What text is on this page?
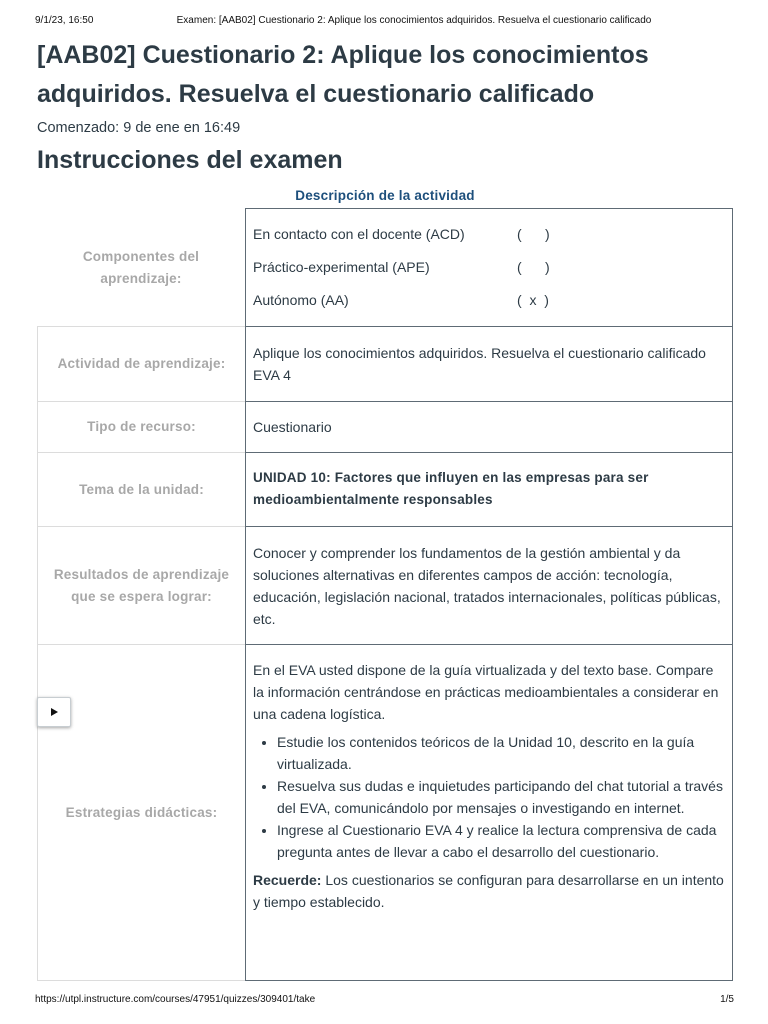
9/1/23, 16:50	Examen: [AAB02] Cuestionario 2: Aplique los conocimientos adquiridos. Resuelva el cuestionario calificado
[AAB02] Cuestionario 2: Aplique los conocimientos adquiridos. Resuelva el cuestionario calificado
Comenzado: 9 de ene en 16:49
Instrucciones del examen
Descripción de la actividad
Componentes del aprendizaje:
En contacto con el docente (ACD)	(      )
Práctico-experimental (APE)	(      )
Autónomo (AA)	(  x  )
Actividad de aprendizaje:

Aplique los conocimientos adquiridos. Resuelva el cuestionario calificado EVA 4

Tipo de recurso:	Cuestionario

Tema de la unidad:

UNIDAD 10: Factores que influyen en las empresas para ser medioambientalmente responsables

Resultados de aprendizaje que se espera lograr:

Conocer y comprender los fundamentos de la gestión ambiental y da soluciones alternativas en diferentes campos de acción: tecnología, educación, legislación nacional, tratados internacionales, políticas públicas, etc.

Estrategias didácticas:

En el EVA usted dispone de la guía virtualizada y del texto base. Compare la información centrándose en prácticas medioambientales a considerar en una cadena logística.

• Estudie los contenidos teóricos de la Unidad 10, descrito en la guía virtualizada.
• Resuelva sus dudas e inquietudes participando del chat tutorial a través del EVA, comunicándolo por mensajes o investigando en internet.
• Ingrese al Cuestionario EVA 4 y realice la lectura comprensiva de cada pregunta antes de llevar a cabo el desarrollo del cuestionario.

Recuerde: Los cuestionarios se configuran para desarrollarse en un intento y tiempo establecido.

https://utpl.instructure.com/courses/47951/quizzes/309401/take	1/5
